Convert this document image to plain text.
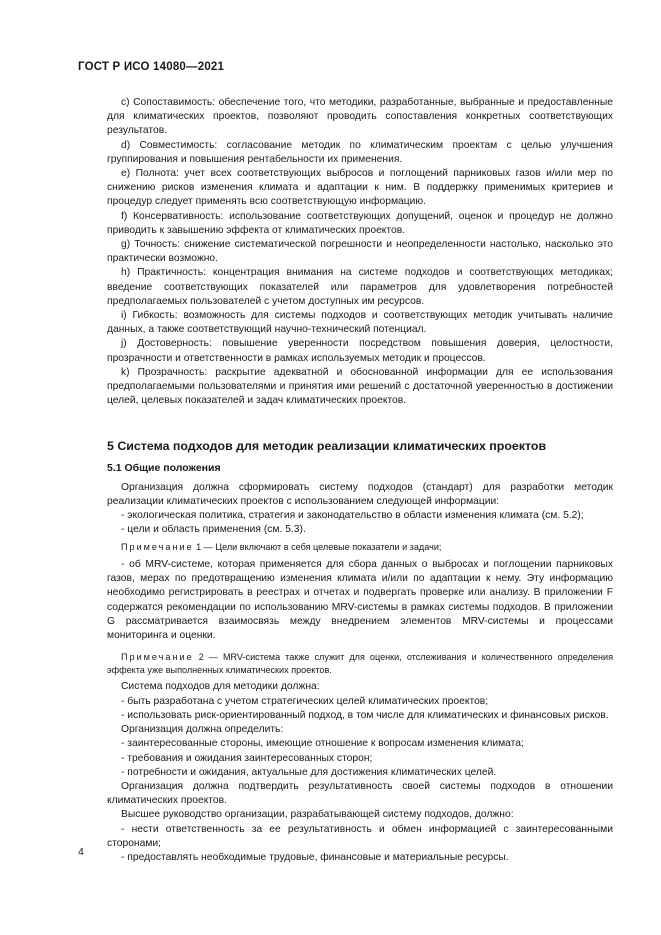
ГОСТ Р ИСО 14080—2021

c) Сопоставимость: обеспечение того, что методики, разработанные, выбранные и предоставленные для климатических проектов, позволяют проводить сопоставления конкретных соответствующих результатов.

d) Совместимость: согласование методик по климатическим проектам с целью улучшения группирования и повышения рентабельности их применения.

e) Полнота: учет всех соответствующих выбросов и поглощений парниковых газов и/или мер по снижению рисков изменения климата и адаптации к ним. В поддержку применимых критериев и процедур следует применять всю соответствующую информацию.

f) Консервативность: использование соответствующих допущений, оценок и процедур не должно приводить к завышению эффекта от климатических проектов.

g) Точность: снижение систематической погрешности и неопределенности настолько, насколько это практически возможно.

h) Практичность: концентрация внимания на системе подходов и соответствующих методиках; введение соответствующих показателей или параметров для удовлетворения потребностей предполагаемых пользователей с учетом доступных им ресурсов.

i) Гибкость: возможность для системы подходов и соответствующих методик учитывать наличие данных, а также соответствующий научно-технический потенциал.

j) Достоверность: повышение уверенности посредством повышения доверия, целостности, прозрачности и ответственности в рамках используемых методик и процессов.

k) Прозрачность: раскрытие адекватной и обоснованной информации для ее использования предполагаемыми пользователями и принятия ими решений с достаточной уверенностью в достижении целей, целевых показателей и задач климатических проектов.

5 Система подходов для методик реализации климатических проектов
5.1 Общие положения

Организация должна сформировать систему подходов (стандарт) для разработки методик реализации климатических проектов с использованием следующей информации:

- экологическая политика, стратегия и законодательство в области изменения климата (см. 5.2);

- цели и область применения (см. 5.3).

Примечание 1 — Цели включают в себя целевые показатели и задачи;

- об MRV-системе, которая применяется для сбора данных о выбросах и поглощении парниковых газов, мерах по предотвращению изменения климата и/или по адаптации к нему. Эту информацию необходимо регистрировать в реестрах и отчетах и подвергать проверке или анализу. В приложении F содержатся рекомендации по использованию MRV-системы в рамках системы подходов. В приложении G рассматривается взаимосвязь между внедрением элементов MRV-системы и процессами мониторинга и оценки.

Примечание 2 — MRV-система также служит для оценки, отслеживания и количественного определения эффекта уже выполненных климатических проектов.

Система подходов для методики должна:

- быть разработана с учетом стратегических целей климатических проектов;

- использовать риск-ориентированный подход, в том числе для климатических и финансовых рисков.

Организация должна определить:

- заинтересованные стороны, имеющие отношение к вопросам изменения климата;

- требования и ожидания заинтересованных сторон;

- потребности и ожидания, актуальные для достижения климатических целей.

Организация должна подтвердить результативность своей системы подходов в отношении климатических проектов.

Высшее руководство организации, разрабатывающей систему подходов, должно:

- нести ответственность за ее результативность и обмен информацией с заинтересованными сторонами;

- предоставлять необходимые трудовые, финансовые и материальные ресурсы.

4
